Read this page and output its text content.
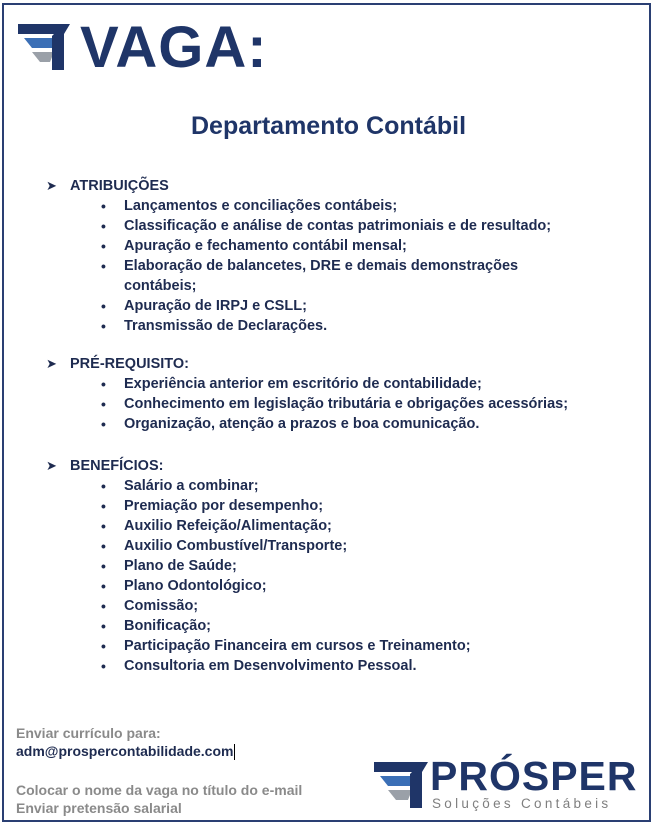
VAGA:
Departamento Contábil
➤ ATRIBUIÇÕES
• Lançamentos e conciliações contábeis;
• Classificação e análise de contas patrimoniais e de resultado;
• Apuração e fechamento contábil mensal;
• Elaboração de balancetes, DRE e demais demonstrações contábeis;
• Apuração de IRPJ e CSLL;
• Transmissão de Declarações.
➤ PRÉ-REQUISITO:
• Experiência anterior em escritório de contabilidade;
• Conhecimento em legislação tributária e obrigações acessórias;
• Organização, atenção a prazos e boa comunicação.
➤ BENEFÍCIOS:
• Salário a combinar;
• Premiação por desempenho;
• Auxilio Refeição/Alimentação;
• Auxilio Combustível/Transporte;
• Plano de Saúde;
• Plano Odontológico;
• Comissão;
• Bonificação;
• Participação Financeira em cursos e Treinamento;
• Consultoria em Desenvolvimento Pessoal.

Enviar currículo para:

adm@prospercontabilidade.com

Colocar o nome da vaga no título do e-mail

Enviar pretensão salarial

PRÓSPER

Soluções Contábeis
